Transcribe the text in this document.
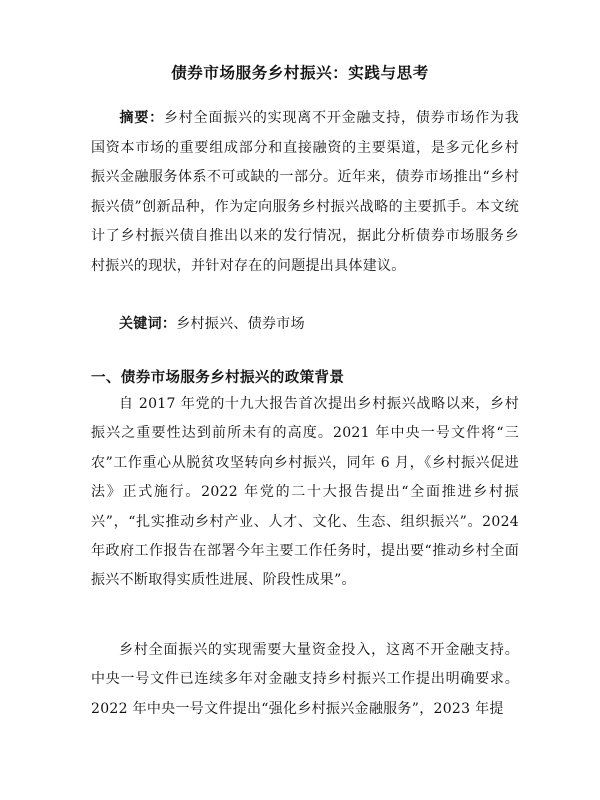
债券市场服务乡村振兴：实践与思考
摘要：乡村全面振兴的实现离不开金融支持，债券市场作为我国资本市场的重要组成部分和直接融资的主要渠道，是多元化乡村振兴金融服务体系不可或缺的一部分。近年来，债券市场推出“乡村振兴债”创新品种，作为定向服务乡村振兴战略的主要抓手。本文统计了乡村振兴债自推出以来的发行情况，据此分析债券市场服务乡村振兴的现状，并针对存在的问题提出具体建议。
关键词：乡村振兴、债券市场
一、债券市场服务乡村振兴的政策背景

自 2017 年党的十九大报告首次提出乡村振兴战略以来，乡村振兴之重要性达到前所未有的高度。2021 年中央一号文件将“三农”工作重心从脱贫攻坚转向乡村振兴，同年 6 月，《乡村振兴促进法》正式施行。2022 年党的二十大报告提出“全面推进乡村振兴”，“扎实推动乡村产业、人才、文化、生态、组织振兴”。2024 年政府工作报告在部署今年主要工作任务时，提出要“推动乡村全面振兴不断取得实质性进展、阶段性成果”。

乡村全面振兴的实现需要大量资金投入，这离不开金融支持。中央一号文件已连续多年对金融支持乡村振兴工作提出明确要求。2022 年中央一号文件提出“强化乡村振兴金融服务”，2023 年提
